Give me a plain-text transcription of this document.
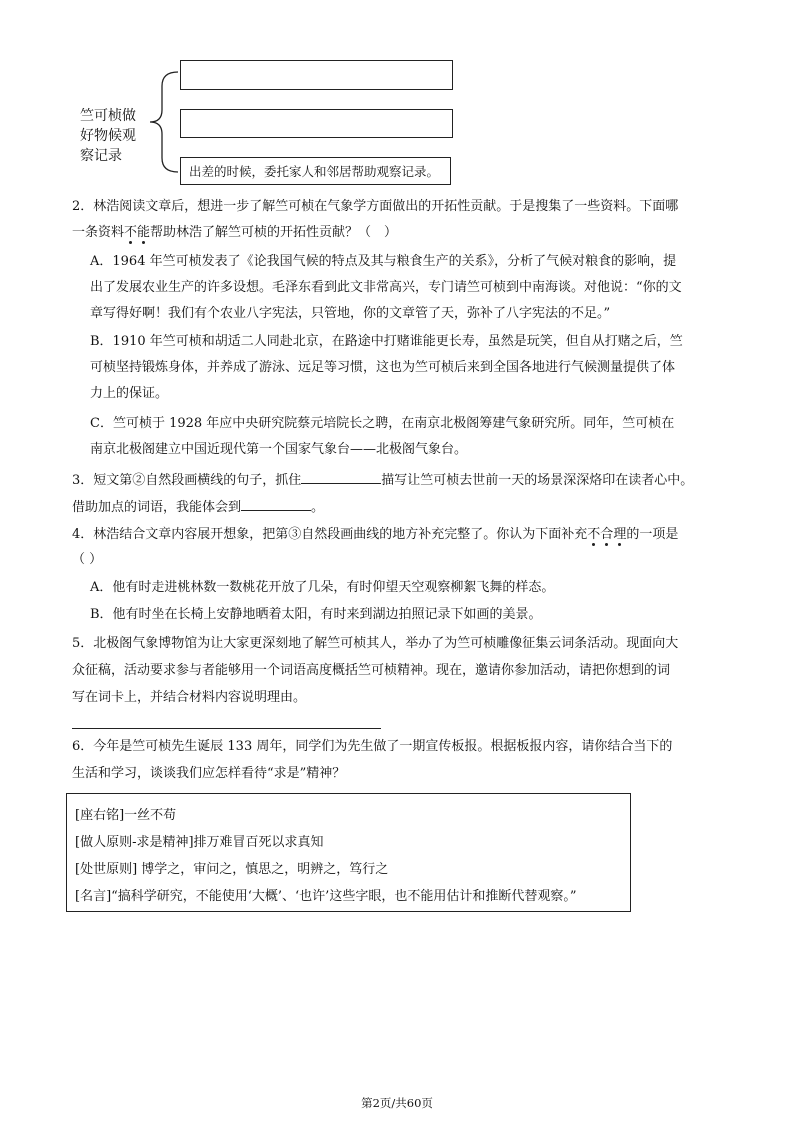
竺可桢做
好物候观
察记录
出差的时候，委托家人和邻居帮助观察记录。
2．林浩阅读文章后，想进一步了解竺可桢在气象学方面做出的开拓性贡献。于是搜集了一些资料。下面哪
一条资料不能帮助林浩了解竺可桢的开拓性贡献？（　）
A．1964 年竺可桢发表了《论我国气候的特点及其与粮食生产的关系》，分析了气候对粮食的影响，提
出了发展农业生产的许多设想。毛泽东看到此文非常高兴，专门请竺可桢到中南海谈。对他说：“你的文
章写得好啊！我们有个农业八字宪法，只管地，你的文章管了天，弥补了八字宪法的不足。”
B．1910 年竺可桢和胡适二人同赴北京，在路途中打赌谁能更长寿，虽然是玩笑，但自从打赌之后，竺
可桢坚持锻炼身体，并养成了游泳、远足等习惯，这也为竺可桢后来到全国各地进行气候测量提供了体
力上的保证。
C．竺可桢于 1928 年应中央研究院蔡元培院长之聘，在南京北极阁筹建气象研究所。同年，竺可桢在
南京北极阁建立中国近现代第一个国家气象台——北极阁气象台。
3．短文第②自然段画横线的句子，抓住	描写让竺可桢去世前一天的场景深深烙印在读者心中。
借助加点的词语，我能体会到	。
4．林浩结合文章内容展开想象，把第③自然段画曲线的地方补充完整了。你认为下面补充不合理的一项是
（ ）
A．他有时走进桃林数一数桃花开放了几朵，有时仰望天空观察柳絮飞舞的样态。
B．他有时坐在长椅上安静地晒着太阳，有时来到湖边拍照记录下如画的美景。
5．北极阁气象博物馆为让大家更深刻地了解竺可桢其人，举办了为竺可桢雕像征集云词条活动。现面向大
众征稿，活动要求参与者能够用一个词语高度概括竺可桢精神。现在，邀请你参加活动，请把你想到的词
写在词卡上，并结合材料内容说明理由。
6．今年是竺可桢先生诞辰 133 周年，同学们为先生做了一期宣传板报。根据板报内容，请你结合当下的
生活和学习，谈谈我们应怎样看待“求是”精神？
[座右铭]一丝不苟
[做人原则-求是精神]排万难冒百死以求真知
[处世原则] 博学之，审问之，慎思之，明辨之，笃行之
[名言]“搞科学研究，不能使用‘大概’、‘也许’这些字眼，也不能用估计和推断代替观察。”
第2页/共60页
